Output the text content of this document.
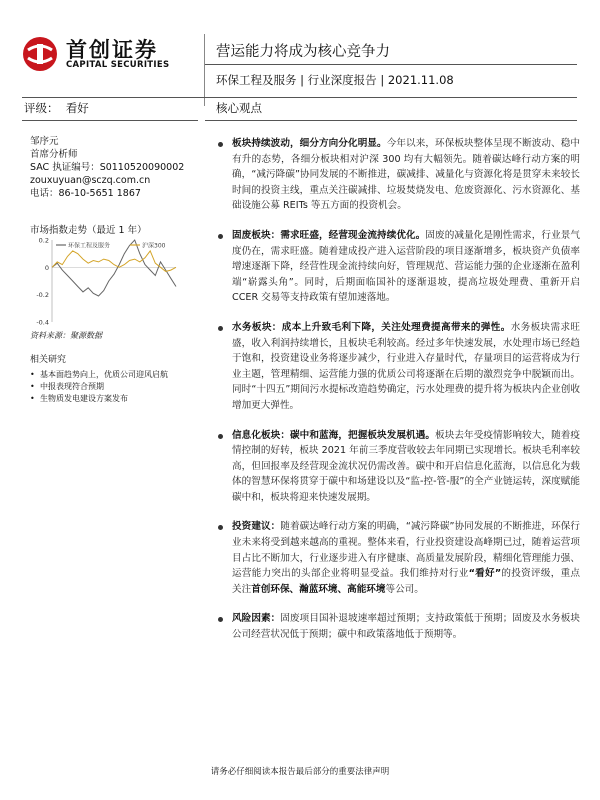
首创证券
CAPITAL SECURITIES
营运能力将成为核心竞争力
环保工程及服务 | 行业深度报告 | 2021.11.08
评级： 看好	核心观点
邹序元
首席分析师
SAC 执证编号：S0110520090002
zouxuyuan@sczq.com.cn
电话：86-10-5651 1867
市场指数走势（最近 1 年）
0.2
0
-0.2
-0.4
环保工程及服务	沪深300
资料来源：聚源数据
相关研究
• 基本面趋势向上，优质公司迎风启航
• 中报表现符合预期
• 生物质发电建设方案发布
板块持续波动，细分方向分化明显。今年以来，环保板块整体呈现不断波动、稳中有升的态势，各细分板块相对沪深 300 均有大幅领先。随着碳达峰行动方案的明确，“减污降碳”协同发展的不断推进，碳减排、减量化与资源化将是贯穿未来较长时间的投资主线，重点关注碳减排、垃圾焚烧发电、危废资源化、污水资源化、基础设施公募 REITs 等五方面的投资机会。
固废板块：需求旺盛，经营现金流持续优化。固废的减量化是刚性需求，行业景气度仍在，需求旺盛。随着建成投产进入运营阶段的项目逐渐增多，板块资产负债率增速逐渐下降，经营性现金流持续向好，管理规范、营运能力强的企业逐渐在盈利端“崭露头角”。同时，后期面临国补的逐渐退坡，提高垃圾处理费、重新开启 CCER 交易等支持政策有望加速落地。
水务板块：成本上升致毛利下降，关注处理费提高带来的弹性。水务板块需求旺盛，收入利润持续增长，且板块毛利较高。经过多年快速发展，水处理市场已经趋于饱和，投资建设业务将逐步减少，行业进入存量时代，存量项目的运营将成为行业主题，管理精细、运营能力强的优质公司将逐渐在后期的激烈竞争中脱颖而出。同时“十四五”期间污水提标改造趋势确定，污水处理费的提升将为板块内企业创收增加更大弹性。
信息化板块：碳中和蓝海，把握板块发展机遇。板块去年受疫情影响较大，随着疫情控制的好转，板块 2021 年前三季度营收较去年同期已实现增长。板块毛利率较高，但回报率及经营现金流状况仍需改善。碳中和开启信息化蓝海，以信息化为载体的智慧环保将贯穿于碳中和场建设以及“监-控-管-服”的全产业链运转，深度赋能碳中和，板块将迎来快速发展期。
投资建议：随着碳达峰行动方案的明确，“减污降碳”协同发展的不断推进，环保行业未来将受到越来越高的重视。整体来看，行业投资建设高峰期已过，随着运营项目占比不断加大，行业逐步进入有序健康、高质量发展阶段，精细化管理能力强、运营能力突出的头部企业将明显受益。我们维持对行业“看好”的投资评级，重点关注首创环保、瀚蓝环境、高能环境等公司。
风险因素：固废项目国补退坡速率超过预期；支持政策低于预期；固废及水务板块公司经营状况低于预期；碳中和政策落地低于预期等。
请务必仔细阅读本报告最后部分的重要法律声明
